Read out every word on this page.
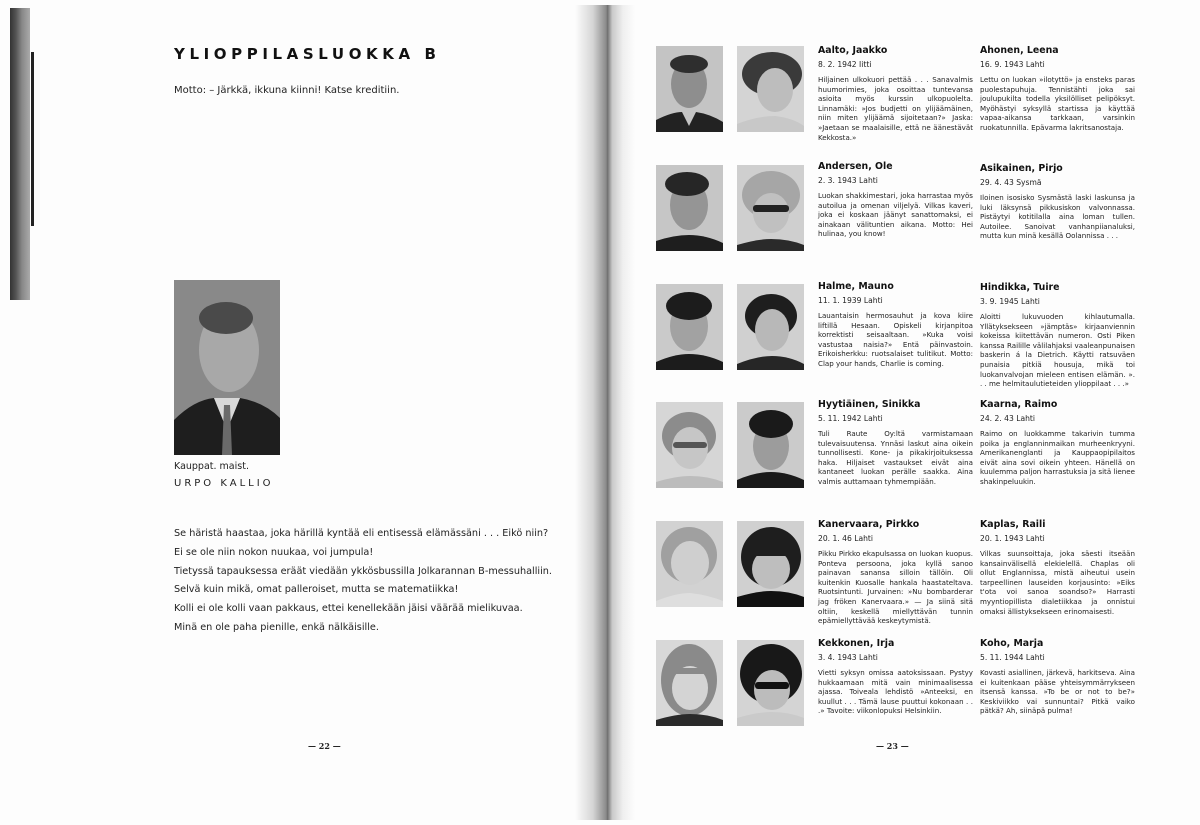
YLIOPPILASLUOKKA B
Motto: – Järkkä, ikkuna kiinni! Katse kreditiin.
Kauppat. maist.
URPO KALLIO
Se häristä haastaa, joka härillä kyntää eli entisessä elämässäni . . . Eikö niin?
Ei se ole niin nokon nuukaa, voi jumpula!
Tietyssä tapauksessa eräät viedään ykkösbussilla Jolkarannan B-messuhalliin.
Selvä kuin mikä, omat palleroiset, mutta se matematiikka!
Kolli ei ole kolli vaan pakkaus, ettei kenellekään jäisi väärää mielikuvaa.
Minä en ole paha pienille, enkä nälkäisille.
— 22 —

Aalto, Jaakko

8. 2. 1942 Iitti

Hiljainen ulkokuori pettää . . . Sanavalmis huumorimies, joka osoittaa tuntevansa asioita myös kurssin ulkopuolelta. Linnamäki: »Jos budjetti on ylijäämäinen, niin miten ylijäämä sijoitetaan?» Jaska: »Jaetaan se maalaisille, että ne äänestävät Kekkosta.»

Ahonen, Leena

16. 9. 1943 Lahti

Lettu on luokan »ilotyttö» ja ensteks paras puolestapuhuja. Tennistähti joka sai joulupukilta todella yksilölliset pelipöksyt. Myöhästyi syksyllä startissa ja käyttää vapaa-aikansa tarkkaan, varsinkin ruokatunnilla. Epävarma lakritsanostaja.

Andersen, Ole

2. 3. 1943 Lahti

Luokan shakkimestari, joka harrastaa myös autoilua ja omenan viljelyä. Vilkas kaveri, joka ei koskaan jäänyt sanattomaksi, ei ainakaan välituntien aikana. Motto: Hei hulinaa, you know!

Asikainen, Pirjo

29. 4. 43 Sysmä

Iloinen isosisko Sysmästä laski laskunsa ja luki läksynsä pikkusiskon valvonnassa. Pistäytyi kotitilalla aina loman tullen. Autoilee. Sanoivat vanhanpiianaluksi, mutta kun minä kesällä Oolannissa . . .

Halme, Mauno

11. 1. 1939 Lahti

Lauantaisin hermosauhut ja kova kiire liftillä Hesaan. Opiskeli kirjanpitoa korrektisti seisaaltaan. »Kuka voisi vastustaa naisia?» Entä päinvastoin. Erikoisherkku: ruotsalaiset tulitikut. Motto: Clap your hands, Charlie is coming.

Hindikka, Tuire

3. 9. 1945 Lahti

Aloitti lukuvuoden kihlautumalla. Yllätyksekseen »jämptäs» kirjaanviennin kokeissa kiitettävän numeron. Osti Piken kanssa Railille välilahjaksi vaaleanpunaisen baskerin á la Dietrich. Käytti ratsuväen punaisia pitkiä housuja, mikä toi luokanvalvojan mieleen entisen elämän. ». . . me helmitaulutieteiden ylioppilaat . . .»

Hyytiäinen, Sinikka

5. 11. 1942 Lahti

Tuli Raute Oy:ltä varmistamaan tulevaisuutensa. Ynnäsi laskut aina oikein tunnollisesti. Kone- ja pikakirjoituksessa haka. Hiljaiset vastaukset eivät aina kantaneet luokan perälle saakka. Aina valmis auttamaan tyhmempiään.

Kaarna, Raimo

24. 2. 43 Lahti

Raimo on luokkamme takarivin tumma poika ja englanninmaikan murheenkryyni. Amerikanenglanti ja Kauppaopipilaitos eivät aina sovi oikein yhteen. Hänellä on kuulemma paljon harrastuksia ja sitä lienee shakinpeluukin.

Kanervaara, Pirkko

20. 1. 46 Lahti

Pikku Pirkko ekapulsassa on luokan kuopus. Ponteva persoona, joka kyllä sanoo painavan sanansa silloin tällöin. Oli kuitenkin Kuosalle hankala haastateltava. Ruotsintunti. Jurvainen: »Nu bombarderar jag fröken Kanervaara.» — Ja siinä sitä oltiin, keskellä miellyttävän tunnin epämiellyttävää keskeytymistä.

Kaplas, Raili

20. 1. 1943 Lahti

Vilkas suunsoittaja, joka säesti itseään kansainvälisellä elekielellä. Chaplas oli ollut Englannissa, mistä aiheutui usein tarpeellinen lauseiden korjausinto: »Eiks t'ota voi sanoa soandso?» Harrasti myyntiopillista dialetiikkaa ja onnistui omaksi ällistyksekseen erinomaisesti.

Kekkonen, Irja

3. 4. 1943 Lahti

Vietti syksyn omissa aatoksissaan. Pystyy hukkaamaan mitä vain minimaalisessa ajassa. Toiveala lehdistö »Anteeksi, en kuullut . . . Tämä lause puuttui kokonaan . . .» Tavoite: viikonlopuksi Helsinkiin.

Koho, Marja

5. 11. 1944 Lahti

Kovasti asiallinen, järkevä, harkitseva. Aina ei kuitenkaan pääse yhteisymmärrykseen itsensä kanssa. »To be or not to be?» Keskiviikko vai sunnuntai? Pitkä vaiko pätkä? Ah, siinäpä pulma!

— 23 —
